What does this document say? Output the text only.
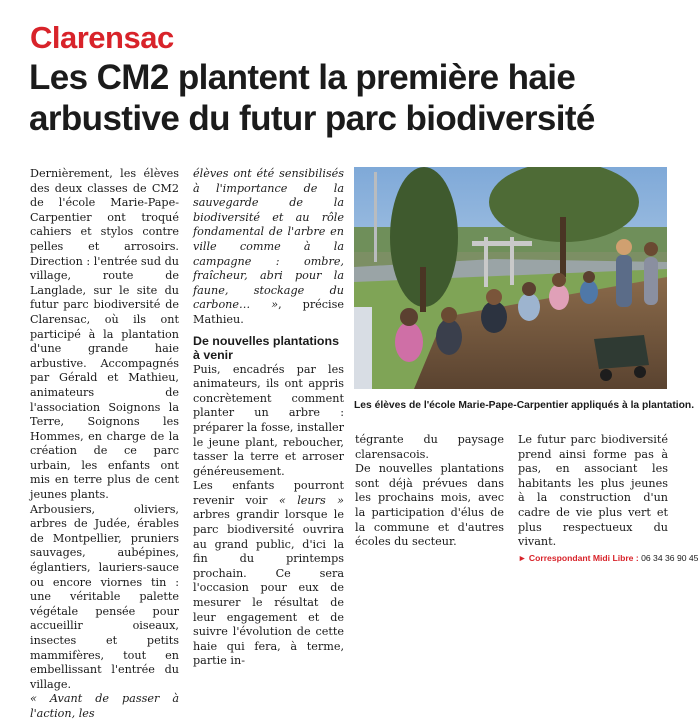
Clarensac
Les CM2 plantent la première haie
arbustive du futur parc biodiversité

Dernièrement, les élèves des deux classes de CM2 de l'école Marie-Pape-Carpentier ont troqué cahiers et stylos contre pelles et arrosoirs. Direction : l'entrée sud du village, route de Langlade, sur le site du futur parc biodiversité de Clarensac, où ils ont participé à la plantation d'une grande haie arbustive. Accompagnés par Gérald et Mathieu, animateurs de l'association Soignons la Terre, Soignons les Hommes, en charge de la création de ce parc urbain, les enfants ont mis en terre plus de cent jeunes plants.

Arbousiers, oliviers, arbres de Judée, érables de Montpellier, pruniers sauvages, aubépines, églantiers, lauriers-sauce ou encore viornes tin : une véritable palette végétale pensée pour accueillir oiseaux, insectes et petits mammifères, tout en embellissant l'entrée du village.

« Avant de passer à l'action, les

élèves ont été sensibilisés à l'importance de la sauvegarde de la biodiversité et au rôle fondamental de l'arbre en ville comme à la campagne : ombre, fraîcheur, abri pour la faune, stockage du carbone… », précise Mathieu.

De nouvelles plantations à venir

Puis, encadrés par les animateurs, ils ont appris concrètement comment planter un arbre : préparer la fosse, installer le jeune plant, reboucher, tasser la terre et arroser généreusement.

Les enfants pourront revenir voir « leurs » arbres grandir lorsque le parc biodiversité ouvrira au grand public, d'ici la fin du printemps prochain. Ce sera l'occasion pour eux de mesurer le résultat de leur engagement et de suivre l'évolution de cette haie qui fera, à terme, partie in-

Les élèves de l'école Marie-Pape-Carpentier appliqués à la plantation.

tégrante du paysage clarensacois.

De nouvelles plantations sont déjà prévues dans les prochains mois, avec la participation d'élus de la commune et d'autres écoles du secteur.

Le futur parc biodiversité prend ainsi forme pas à pas, en associant les habitants les plus jeunes à la construction d'un cadre de vie plus vert et plus respectueux du vivant.

► Correspondant Midi Libre : 06 34 36 90 45
